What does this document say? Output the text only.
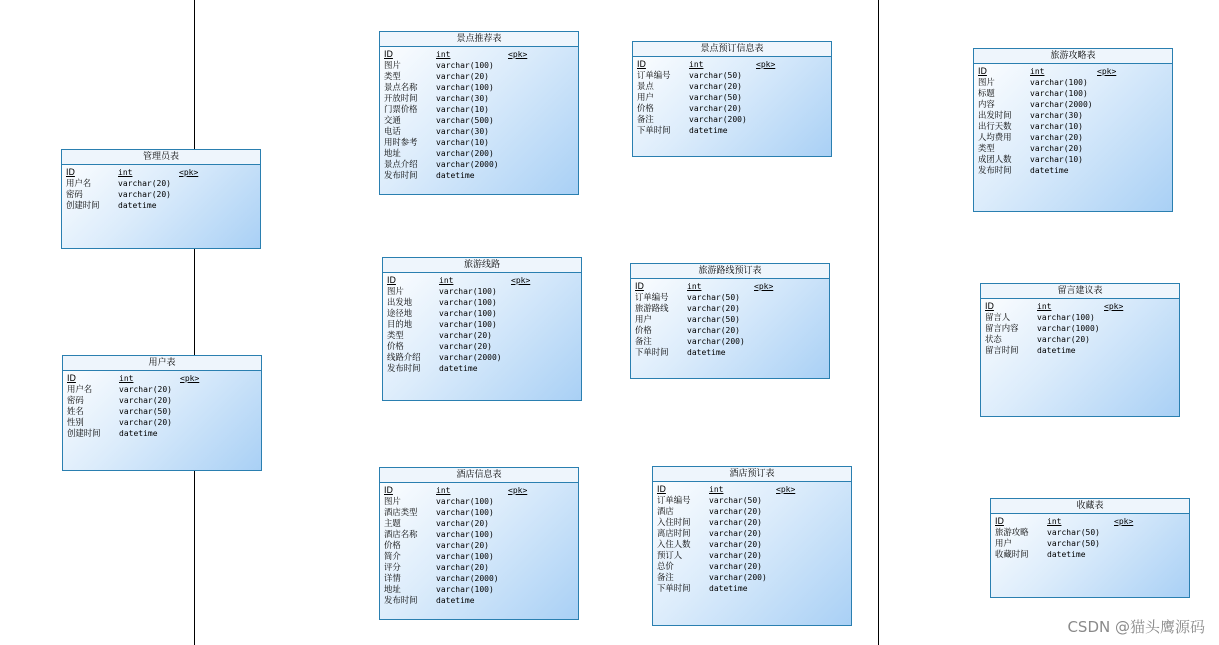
管理员表
ID	int	<pk>
用户名	varchar(20)
密码	varchar(20)
创建时间 datetime
用户表
ID	int	<pk>
用户名	varchar(20)
密码	varchar(20)
姓名	varchar(50)
性别	varchar(20)
创建时间 datetime
景点推荐表
ID	int	<pk>
图片	varchar(100)
类型	varchar(20)
景点名称 varchar(100)
开放时间 varchar(30)
门票价格 varchar(10)
交通	varchar(500)
电话	varchar(30)
用时参考 varchar(10)
地址	varchar(200)
景点介绍 varchar(2000)
发布时间 datetime
旅游线路
ID	int	<pk>
图片	varchar(100)
出发地	varchar(100)
途径地	varchar(100)
目的地	varchar(100)
类型	varchar(20)
价格	varchar(20)
线路介绍 varchar(2000)
发布时间 datetime
酒店信息表
ID	int	<pk>
图片	varchar(100)
酒店类型 varchar(100)
主题	varchar(20)
酒店名称 varchar(100)
价格	varchar(20)
简介	varchar(100)
评分	varchar(20)
详情	varchar(2000)
地址	varchar(100)
发布时间 datetime
景点预订信息表
ID	int	<pk>
订单编号 varchar(50)
景点	varchar(20)
用户	varchar(50)
价格	varchar(20)
备注	varchar(200)
下单时间 datetime
旅游路线预订表
ID	int	<pk>
订单编号 varchar(50)
旅游路线 varchar(20)
用户	varchar(50)
价格	varchar(20)
备注	varchar(200)
下单时间 datetime
酒店预订表
ID	int	<pk>
订单编号 varchar(50)
酒店	varchar(20)
入住时间 varchar(20)
离店时间 varchar(20)
入住人数 varchar(20)
预订人	varchar(20)
总价	varchar(20)
备注	varchar(200)
下单时间 datetime
旅游攻略表
ID	int	<pk>
图片	varchar(100)
标题	varchar(100)
内容	varchar(2000)
出发时间 varchar(30)
出行天数 varchar(10)
人均费用 varchar(20)
类型	varchar(20)
成团人数 varchar(10)
发布时间 datetime
留言建议表
ID	int	<pk>
留言人	varchar(100)
留言内容 varchar(1000)
状态	varchar(20)
留言时间 datetime
收藏表
ID	int	<pk>
旅游攻略 varchar(50)
用户	varchar(50)
收藏时间 datetime
CSDN @猫头鹰源码
